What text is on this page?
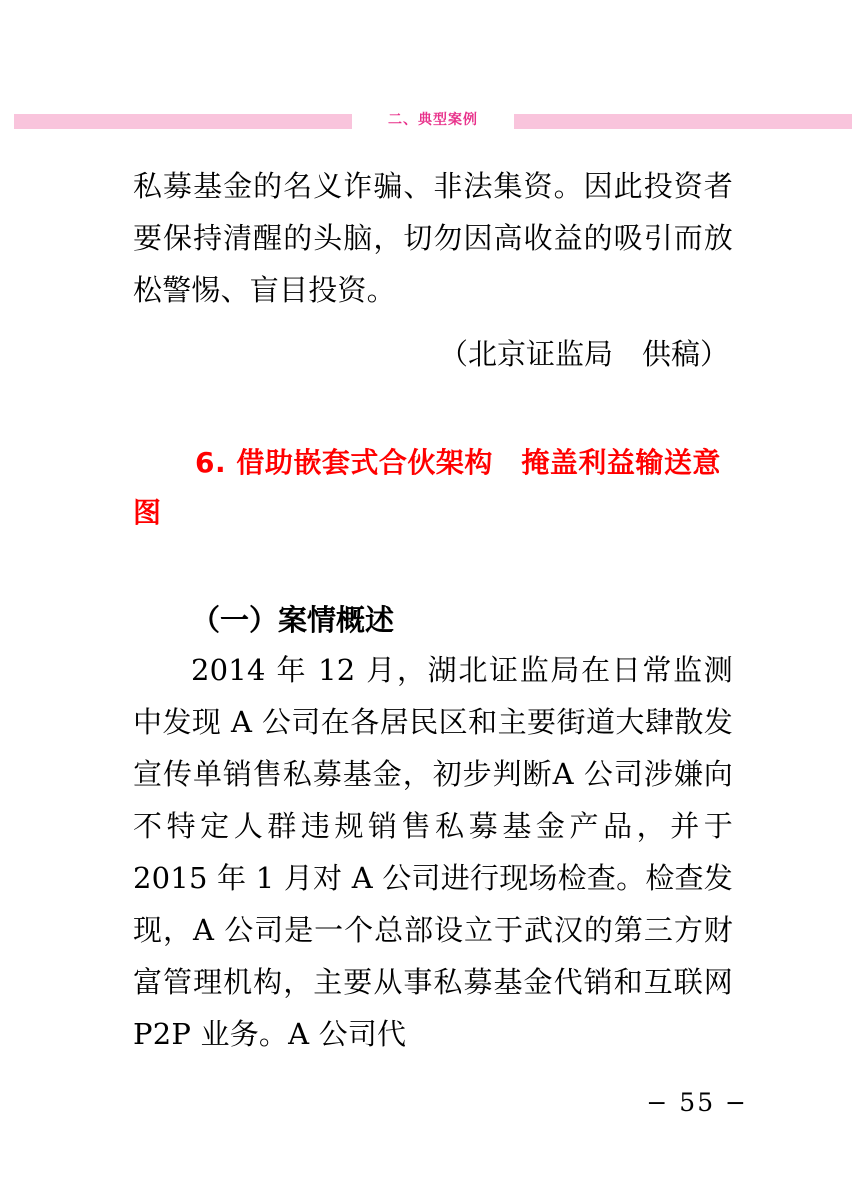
二、典型案例

私募基金的名义诈骗、非法集资。因此投资者要保持清醒的头脑，切勿因高收益的吸引而放松警惕、盲目投资。

（北京证监局　供稿）

6. 借助嵌套式合伙架构　掩盖利益输送意图
（一）案情概述

2014 年 12 月，湖北证监局在日常监测中发现 A 公司在各居民区和主要街道大肆散发宣传单销售私募基金，初步判断A 公司涉嫌向不特定人群违规销售私募基金产品，并于 2015 年 1 月对 A 公司进行现场检查。检查发现，A 公司是一个总部设立于武汉的第三方财富管理机构，主要从事私募基金代销和互联网 P2P 业务。A 公司代

− 55 −
